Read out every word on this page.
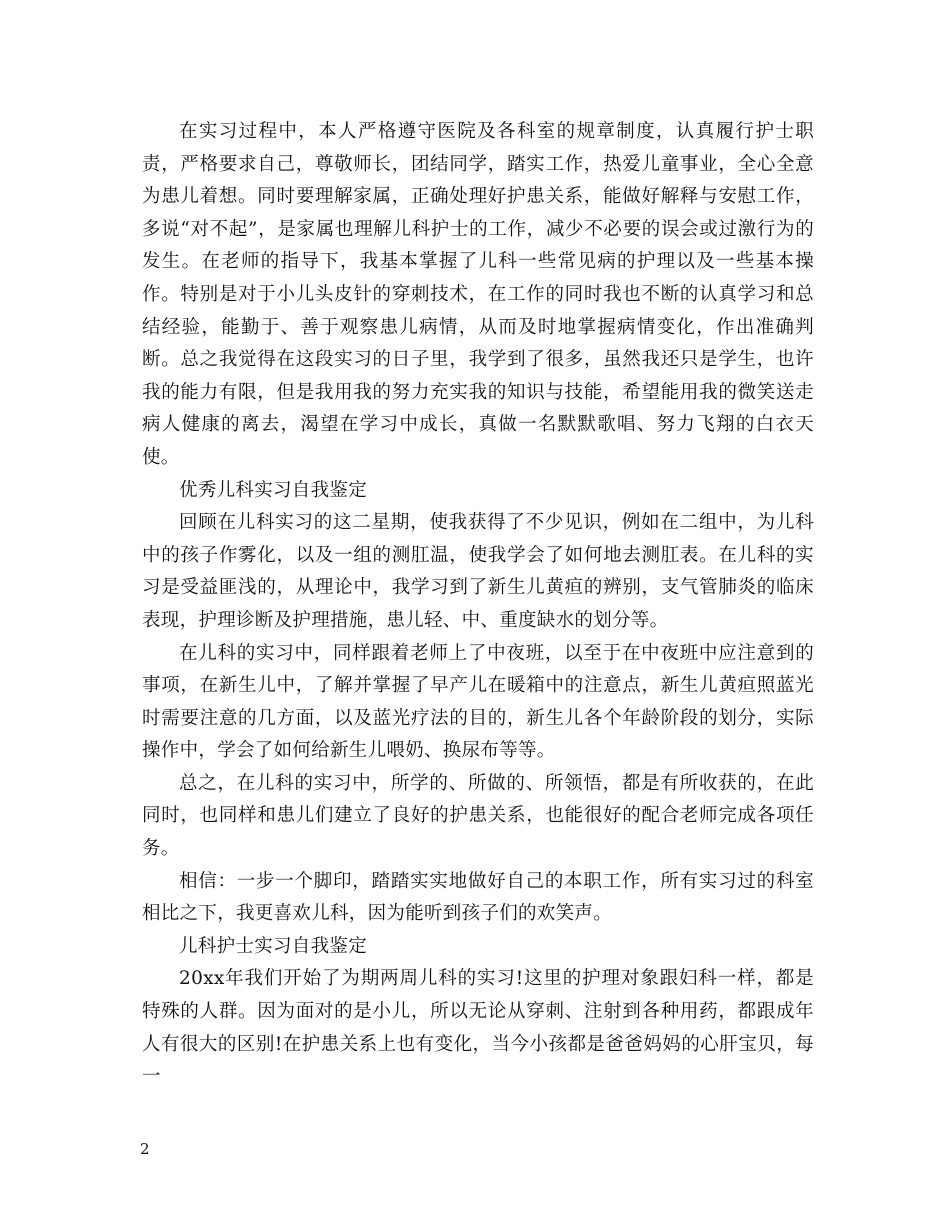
在实习过程中，本人严格遵守医院及各科室的规章制度，认真履行护士职责，严格要求自己，尊敬师长，团结同学，踏实工作，热爱儿童事业，全心全意为患儿着想。同时要理解家属，正确处理好护患关系，能做好解释与安慰工作，多说“对不起”，是家属也理解儿科护士的工作，减少不必要的误会或过激行为的发生。在老师的指导下，我基本掌握了儿科一些常见病的护理以及一些基本操作。特别是对于小儿头皮针的穿刺技术，在工作的同时我也不断的认真学习和总结经验，能勤于、善于观察患儿病情，从而及时地掌握病情变化，作出准确判断。总之我觉得在这段实习的日子里，我学到了很多，虽然我还只是学生，也许我的能力有限，但是我用我的努力充实我的知识与技能，希望能用我的微笑送走病人健康的离去，渴望在学习中成长，真做一名默默歌唱、努力飞翔的白衣天使。

优秀儿科实习自我鉴定

回顾在儿科实习的这二星期，使我获得了不少见识，例如在二组中，为儿科中的孩子作雾化，以及一组的测肛温，使我学会了如何地去测肛表。在儿科的实习是受益匪浅的，从理论中，我学习到了新生儿黄疸的辨别，支气管肺炎的临床表现，护理诊断及护理措施，患儿轻、中、重度缺水的划分等。

在儿科的实习中，同样跟着老师上了中夜班，以至于在中夜班中应注意到的事项，在新生儿中，了解并掌握了早产儿在暖箱中的注意点，新生儿黄疸照蓝光时需要注意的几方面，以及蓝光疗法的目的，新生儿各个年龄阶段的划分，实际操作中，学会了如何给新生儿喂奶、换尿布等等。

总之，在儿科的实习中，所学的、所做的、所领悟，都是有所收获的，在此同时，也同样和患儿们建立了良好的护患关系，也能很好的配合老师完成各项任务。

相信：一步一个脚印，踏踏实实地做好自己的本职工作，所有实习过的科室相比之下，我更喜欢儿科，因为能听到孩子们的欢笑声。

儿科护士实习自我鉴定

20xx年我们开始了为期两周儿科的实习!这里的护理对象跟妇科一样，都是特殊的人群。因为面对的是小儿，所以无论从穿刺、注射到各种用药，都跟成年人有很大的区别!在护患关系上也有变化，当今小孩都是爸爸妈妈的心肝宝贝，每一

2
